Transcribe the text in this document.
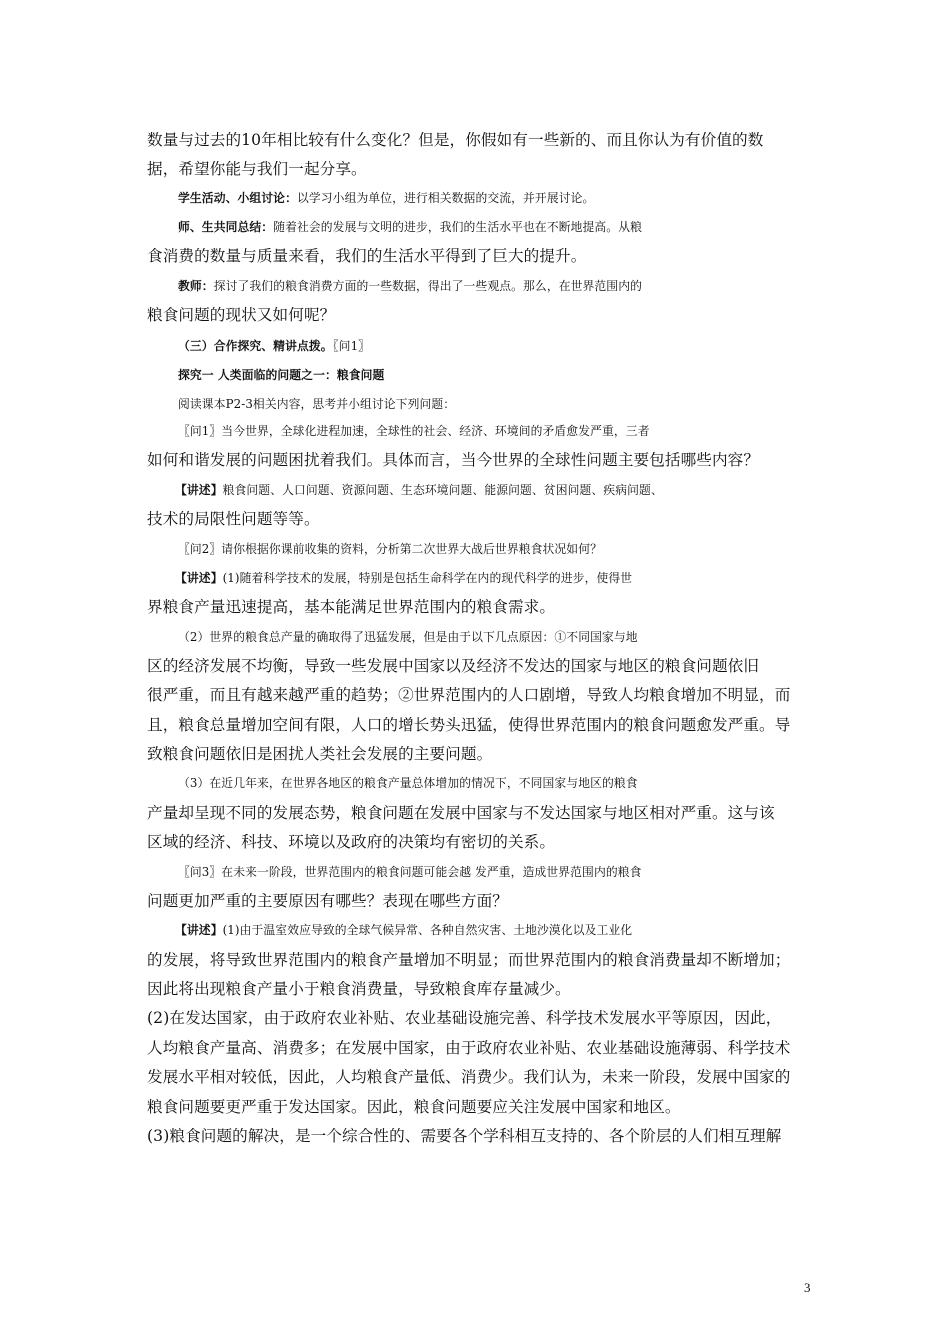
数量与过去的10年相比较有什么变化？但是，你假如有一些新的、而且你认为有价值的数
据，希望你能与我们一起分享。
学生活动、小组讨论：以学习小组为单位，进行相关数据的交流，并开展讨论。
师、生共同总结：随着社会的发展与文明的进步，我们的生活水平也在不断地提高。从粮
食消费的数量与质量来看，我们的生活水平得到了巨大的提升。
教师：探讨了我们的粮食消费方面的一些数据，得出了一些观点。那么，在世界范围内的
粮食问题的现状又如何呢？
（三）合作探究、精讲点拨。〖问1〗
探究一 人类面临的问题之一：粮食问题
阅读课本P2-3相关内容，思考并小组讨论下列问题：
〖问1〗当今世界，全球化进程加速，全球性的社会、经济、环境间的矛盾愈发严重，三者
如何和谐发展的问题困扰着我们。具体而言，当今世界的全球性问题主要包括哪些内容？
【讲述】粮食问题、人口问题、资源问题、生态环境问题、能源问题、贫困问题、疾病问题、
技术的局限性问题等等。
〖问2〗请你根据你课前收集的资料，分析第二次世界大战后世界粮食状况如何？
【讲述】(1)随着科学技术的发展，特别是包括生命科学在内的现代科学的进步，使得世
界粮食产量迅速提高，基本能满足世界范围内的粮食需求。
（2）世界的粮食总产量的确取得了迅猛发展，但是由于以下几点原因：①不同国家与地
区的经济发展不均衡，导致一些发展中国家以及经济不发达的国家与地区的粮食问题依旧
很严重，而且有越来越严重的趋势；②世界范围内的人口剧增，导致人均粮食增加不明显，而
且，粮食总量增加空间有限，人口的增长势头迅猛，使得世界范围内的粮食问题愈发严重。导
致粮食问题依旧是困扰人类社会发展的主要问题。
（3）在近几年来，在世界各地区的粮食产量总体增加的情况下，不同国家与地区的粮食
产量却呈现不同的发展态势，粮食问题在发展中国家与不发达国家与地区相对严重。这与该
区域的经济、科技、环境以及政府的决策均有密切的关系。
〖问3〗在未来一阶段，世界范围内的粮食问题可能会越 发严重，造成世界范围内的粮食
问题更加严重的主要原因有哪些？表现在哪些方面？
【讲述】(1)由于温室效应导致的全球气候异常、各种自然灾害、土地沙漠化以及工业化
的发展，将导致世界范围内的粮食产量增加不明显；而世界范围内的粮食消费量却不断增加；
因此将出现粮食产量小于粮食消费量，导致粮食库存量减少。
(2)在发达国家，由于政府农业补贴、农业基础设施完善、科学技术发展水平等原因，因此，
人均粮食产量高、消费多；在发展中国家，由于政府农业补贴、农业基础设施薄弱、科学技术
发展水平相对较低，因此，人均粮食产量低、消费少。我们认为，未来一阶段，发展中国家的
粮食问题要更严重于发达国家。因此，粮食问题要应关注发展中国家和地区。
(3)粮食问题的解决，是一个综合性的、需要各个学科相互支持的、各个阶层的人们相互理解
3
